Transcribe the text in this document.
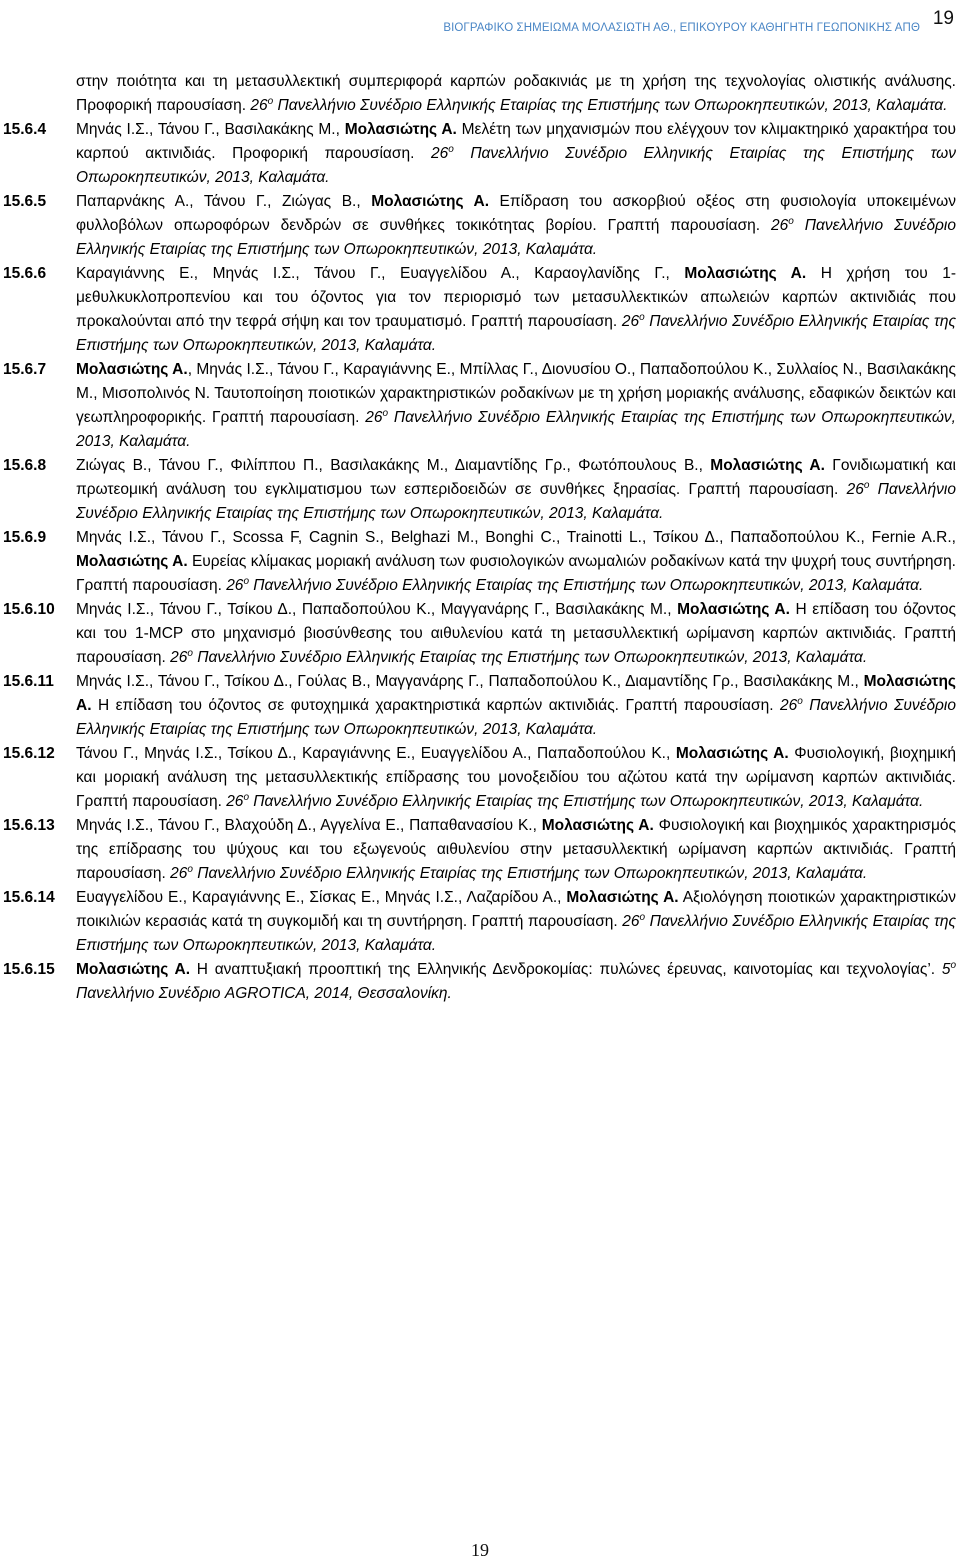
ΒΙΟΓΡΑΦΙΚΟ ΣΗΜΕΙΩΜΑ ΜΟΛΑΣΙΩΤΗ ΑΘ., ΕΠΙΚΟΥΡΟΥ ΚΑΘΗΓΗΤΗ ΓΕΩΠΟΝΙΚΗΣ ΑΠΘ 19

στην ποιότητα και τη μετασυλλεκτική συμπεριφορά καρπών ροδακινιάς με τη χρήση της τεχνολογίας ολιστικής ανάλυσης. Προφορική παρουσίαση. 26$^o$ Πανελλήνιο Συνέδριο Ελληνικής Εταιρίας της Επιστήμης των Οπωροκηπευτικών, 2013, Καλαμάτα.

15.6.4	Μηνάς Ι.Σ., Τάνου Γ., Βασιλακάκης Μ., Μολασιώτης Α. Μελέτη των μηχανισμών που ελέγχουν τον κλιμακτηρικό χαρακτήρα του καρπού ακτινιδιάς. Προφορική παρουσίαση. 26$^o$ Πανελλήνιο Συνέδριο Ελληνικής Εταιρίας της Επιστήμης των Οπωροκηπευτικών, 2013, Καλαμάτα.

15.6.5	Παπαρνάκης Α., Τάνου Γ., Ζιώγας Β., Μολασιώτης Α. Επίδραση του ασκορβιού οξέος στη φυσιολογία υποκειμένων φυλλοβόλων οπωροφόρων δενδρών σε συνθήκες τοκικότητας βορίου. Γραπτή παρουσίαση. 26$^o$ Πανελλήνιο Συνέδριο Ελληνικής Εταιρίας της Επιστήμης των Οπωροκηπευτικών, 2013, Καλαμάτα.

15.6.6	Καραγιάννης Ε., Μηνάς Ι.Σ., Τάνου Γ., Ευαγγελίδου Α., Καραογλανίδης Γ., Μολασιώτης Α. Η χρήση του 1-μεθυλκυκλοπροπενίου και του όζοντος για τον περιορισμό των μετασυλλεκτικών απωλειών καρπών ακτινιδιάς που προκαλούνται από την τεφρά σήψη και τον τραυματισμό. Γραπτή παρουσίαση. 26$^o$ Πανελλήνιο Συνέδριο Ελληνικής Εταιρίας της Επιστήμης των Οπωροκηπευτικών, 2013, Καλαμάτα.

15.6.7	Μολασιώτης Α., Μηνάς Ι.Σ., Τάνου Γ., Καραγιάννης Ε., Μπίλλας Γ., Διονυσίου Ο., Παπαδοπούλου Κ., Συλλαίος Ν., Βασιλακάκης Μ., Μισοπολινός Ν. Ταυτοποίηση ποιοτικών χαρακτηριστικών ροδακίνων με τη χρήση μοριακής ανάλυσης, εδαφικών δεικτών και γεωπληροφορικής. Γραπτή παρουσίαση. 26$^o$ Πανελλήνιο Συνέδριο Ελληνικής Εταιρίας της Επιστήμης των Οπωροκηπευτικών, 2013, Καλαμάτα.

15.6.8	Ζιώγας Β., Τάνου Γ., Φιλίππου Π., Βασιλακάκης Μ., Διαμαντίδης Γρ., Φωτόπουλους Β., Μολασιώτης Α. Γονιδιωματική και πρωτεομική ανάλυση του εγκλιματισμου των εσπεριδοειδών σε συνθήκες ξηρασίας. Γραπτή παρουσίαση. 26$^o$ Πανελλήνιο Συνέδριο Ελληνικής Εταιρίας της Επιστήμης των Οπωροκηπευτικών, 2013, Καλαμάτα.

15.6.9	Μηνάς Ι.Σ., Τάνου Γ., Scossa F, Cagnin S., Belghazi M., Bonghi C., Trainotti L., Τσίκου Δ., Παπαδοπούλου Κ., Fernie A.R., Μολασιώτης Α. Ευρείας κλίμακας μοριακή ανάλυση των φυσιολογικών ανωμαλιών ροδακίνων κατά την ψυχρή τους συντήρηση. Γραπτή παρουσίαση. 26$^o$ Πανελλήνιο Συνέδριο Ελληνικής Εταιρίας της Επιστήμης των Οπωροκηπευτικών, 2013, Καλαμάτα.

15.6.10	Μηνάς Ι.Σ., Τάνου Γ., Τσίκου Δ., Παπαδοπούλου Κ., Μαγγανάρης Γ., Βασιλακάκης Μ., Μολασιώτης Α. Η επίδαση του όζοντος και του 1-MCP στο μηχανισμό βιοσύνθεσης του αιθυλενίου κατά τη μετασυλλεκτική ωρίμανση καρπών ακτινιδιάς. Γραπτή παρουσίαση. 26$^o$ Πανελλήνιο Συνέδριο Ελληνικής Εταιρίας της Επιστήμης των Οπωροκηπευτικών, 2013, Καλαμάτα.

15.6.11	Μηνάς Ι.Σ., Τάνου Γ., Τσίκου Δ., Γούλας Β., Μαγγανάρης Γ., Παπαδοπούλου Κ., Διαμαντίδης Γρ., Βασιλακάκης Μ., Μολασιώτης Α. Η επίδαση του όζοντος σε φυτοχημικά χαρακτηριστικά καρπών ακτινιδιάς. Γραπτή παρουσίαση. 26$^o$ Πανελλήνιο Συνέδριο Ελληνικής Εταιρίας της Επιστήμης των Οπωροκηπευτικών, 2013, Καλαμάτα.

15.6.12	Τάνου Γ., Μηνάς Ι.Σ., Τσίκου Δ., Καραγιάννης Ε., Ευαγγελίδου Α., Παπαδοπούλου Κ., Μολασιώτης Α. Φυσιολογική, βιοχημική και μοριακή ανάλυση της μετασυλλεκτικής επίδρασης του μονοξειδίου του αζώτου κατά την ωρίμανση καρπών ακτινιδιάς. Γραπτή παρουσίαση. 26$^o$ Πανελλήνιο Συνέδριο Ελληνικής Εταιρίας της Επιστήμης των Οπωροκηπευτικών, 2013, Καλαμάτα.

15.6.13	Μηνάς Ι.Σ., Τάνου Γ., Βλαχούδη Δ., Αγγελίνα Ε., Παπαθανασίου Κ., Μολασιώτης Α. Φυσιολογική και βιοχημικός χαρακτηρισμός της επίδρασης του ψύχους και του εξωγενούς αιθυλενίου στην μετασυλλεκτική ωρίμανση καρπών ακτινιδιάς. Γραπτή παρουσίαση. 26$^o$ Πανελλήνιο Συνέδριο Ελληνικής Εταιρίας της Επιστήμης των Οπωροκηπευτικών, 2013, Καλαμάτα.

15.6.14	Ευαγγελίδου Ε., Καραγιάννης Ε., Σίσκας Ε., Μηνάς Ι.Σ., Λαζαρίδου Α., Μολασιώτης Α. Αξιολόγηση ποιοτικών χαρακτηριστικών ποικιλιών κερασιάς κατά τη συγκομιδή και τη συντήρηση. Γραπτή παρουσίαση. 26$^o$ Πανελλήνιο Συνέδριο Ελληνικής Εταιρίας της Επιστήμης των Οπωροκηπευτικών, 2013, Καλαμάτα.

15.6.15	Μολασιώτης Α. Η αναπτυξιακή προοπτική της Ελληνικής Δενδροκομίας: πυλώνες έρευνας, καινοτομίας και τεχνολογίας’. 5$^o$ Πανελλήνιο Συνέδριο AGROTICA, 2014, Θεσσαλονίκη.

19
